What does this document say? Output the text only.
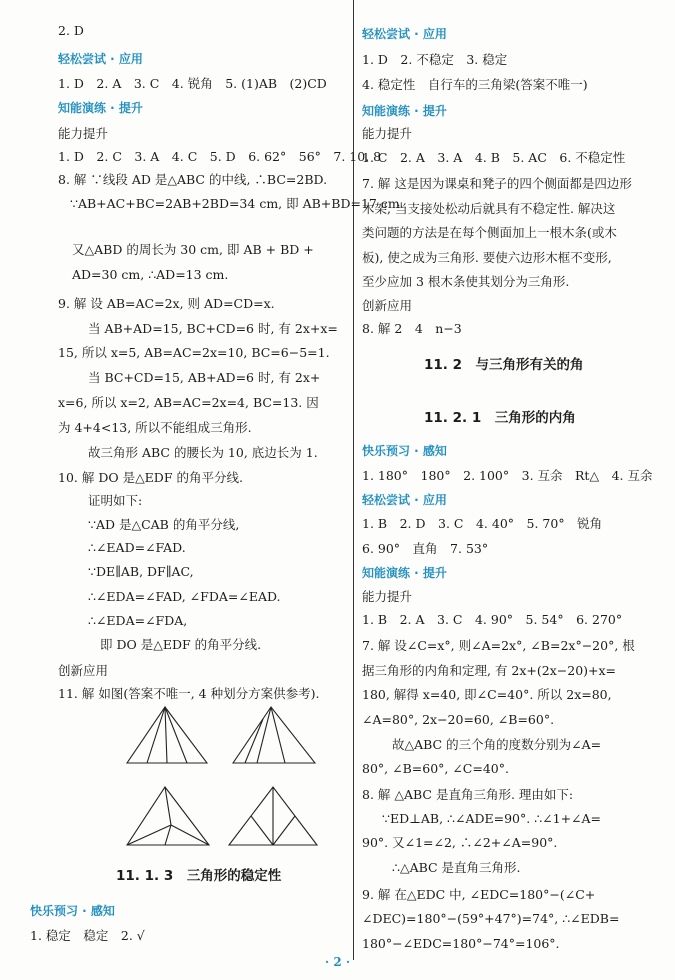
2. D
轻松尝试 · 应用
1. D　2. A　3. C　4. 锐角　5. (1)AB　(2)CD
知能演练 · 提升
能力提升
1. D　2. C　3. A　4. C　5. D　6. 62°　56°　7. 10. 8
8. 解 ∵线段 AD 是△ABC 的中线, ∴BC=2BD.
∵AB+AC+BC=2AB+2BD=34 cm, 即 AB+BD=17 cm.
又△ABD 的周长为 30 cm, 即 AB + BD +
AD=30 cm, ∴AD=13 cm.
9. 解 设 AB=AC=2x, 则 AD=CD=x.
当 AB+AD=15, BC+CD=6 时, 有 2x+x=
15, 所以 x=5, AB=AC=2x=10, BC=6−5=1.
当 BC+CD=15, AB+AD=6 时, 有 2x+
x=6, 所以 x=2, AB=AC=2x=4, BC=13. 因
为 4+4<13, 所以不能组成三角形.
故三角形 ABC 的腰长为 10, 底边长为 1.
10. 解 DO 是△EDF 的角平分线.
证明如下:
∵AD 是△CAB 的角平分线,
∴∠EAD=∠FAD.
∵DE∥AB, DF∥AC,
∴∠EDA=∠FAD, ∠FDA=∠EAD.
∴∠EDA=∠FDA,
即 DO 是△EDF 的角平分线.
创新应用
11. 解 如图(答案不唯一, 4 种划分方案供参考).
11. 1. 3　三角形的稳定性
快乐预习 · 感知
1. 稳定　稳定　2. √
轻松尝试 · 应用
1. D　2. 不稳定　3. 稳定
4. 稳定性　自行车的三角梁(答案不唯一)
知能演练 · 提升
能力提升
1. C　2. A　3. A　4. B　5. AC　6. 不稳定性
7. 解 这是因为课桌和凳子的四个侧面都是四边形
木架, 当支接处松动后就具有不稳定性. 解决这
类问题的方法是在每个侧面加上一根木条(或木
板), 使之成为三角形. 要使六边形木框不变形,
至少应加 3 根木条使其划分为三角形.
创新应用
8. 解 2　4　n−3
11. 2　与三角形有关的角
11. 2. 1　三角形的内角
快乐预习 · 感知
1. 180°　180°　2. 100°　3. 互余　Rt△　4. 互余
轻松尝试 · 应用
1. B　2. D　3. C　4. 40°　5. 70°　锐角
6. 90°　直角　7. 53°
知能演练 · 提升
能力提升
1. B　2. A　3. C　4. 90°　5. 54°　6. 270°
7. 解 设∠C=x°, 则∠A=2x°, ∠B=2x°−20°, 根
据三角形的内角和定理, 有 2x+(2x−20)+x=
180, 解得 x=40, 即∠C=40°. 所以 2x=80,
∠A=80°, 2x−20=60, ∠B=60°.
故△ABC 的三个角的度数分别为∠A=
80°, ∠B=60°, ∠C=40°.
8. 解 △ABC 是直角三角形. 理由如下:
∵ED⊥AB, ∴∠ADE=90°. ∴∠1+∠A=
90°. 又∠1=∠2, ∴∠2+∠A=90°.
∴△ABC 是直角三角形.
9. 解 在△EDC 中, ∠EDC=180°−(∠C+
∠DEC)=180°−(59°+47°)=74°, ∴∠EDB=
180°−∠EDC=180°−74°=106°.
· 2 ·
